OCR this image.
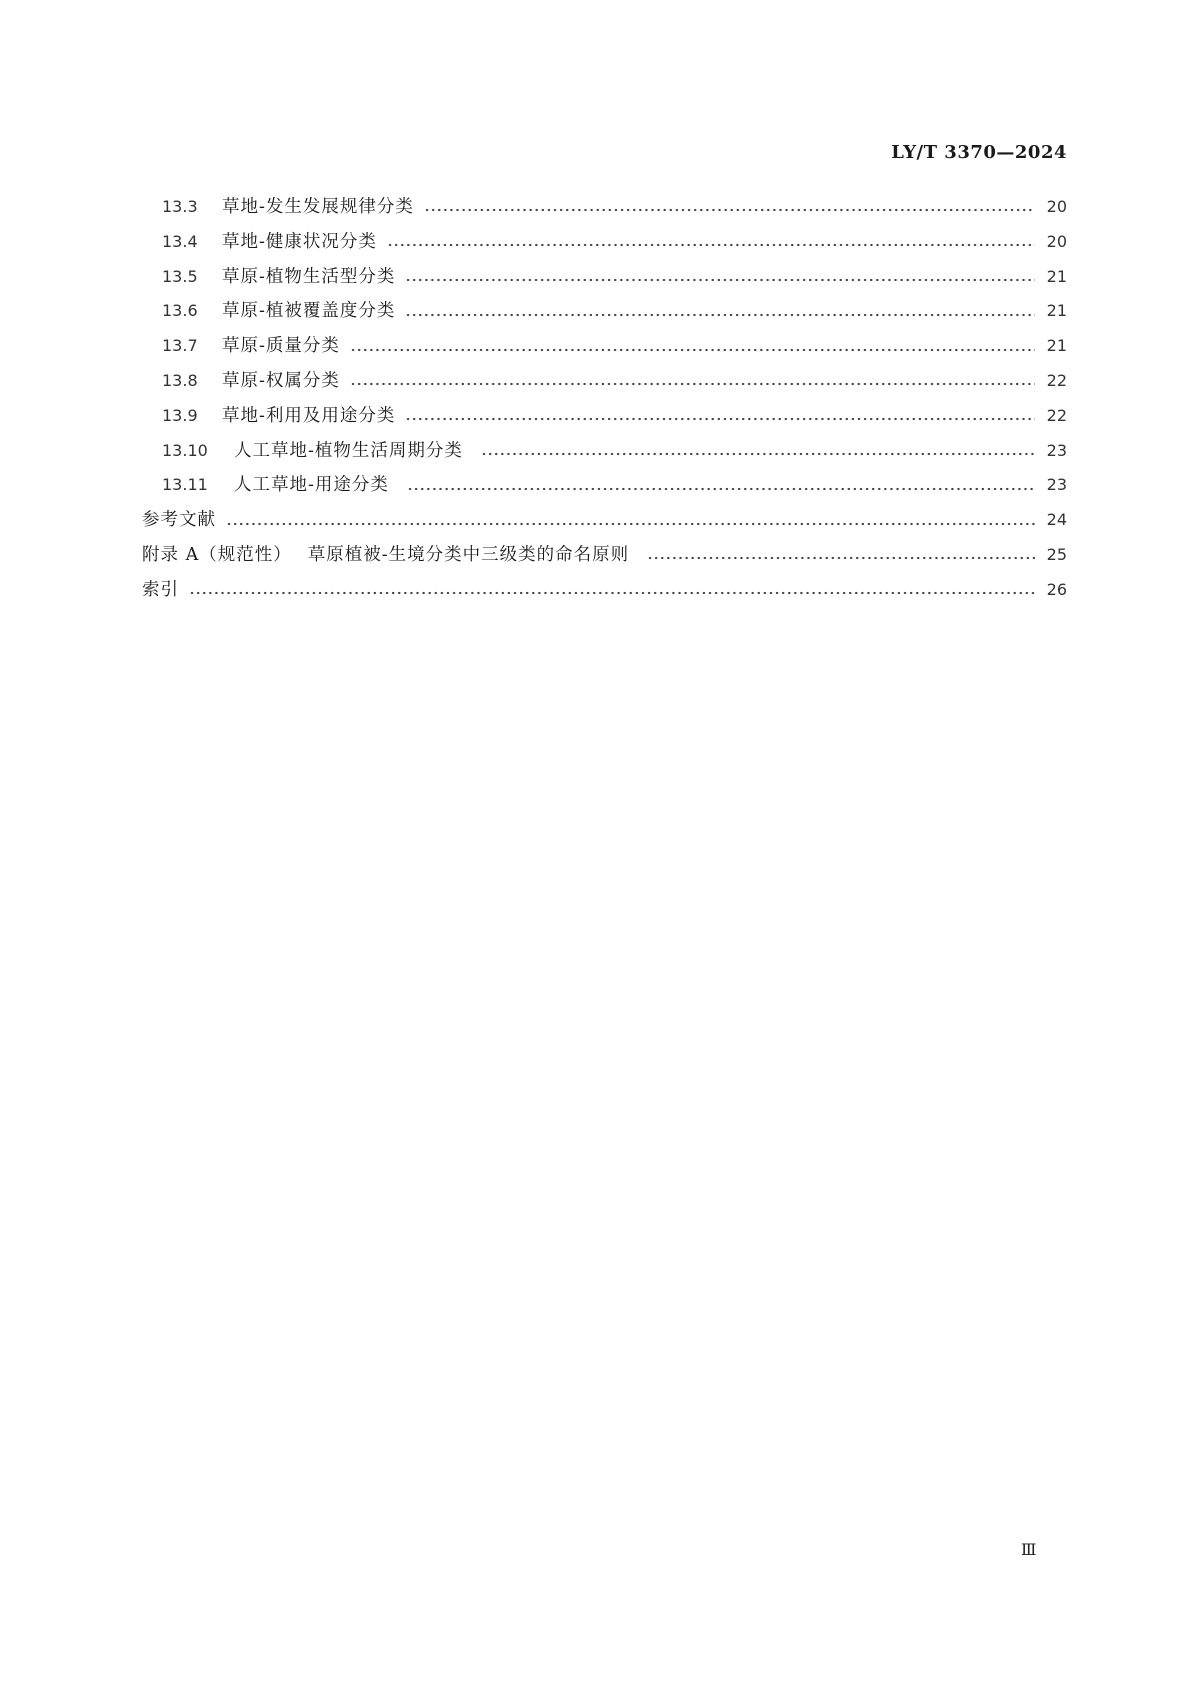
LY/T 3370—2024
13.3	草地-发生发展规律分类	20
13.4	草地-健康状况分类	20
13.5	草原-植物生活型分类	21
13.6	草原-植被覆盖度分类	21
13.7	草原-质量分类	21
13.8	草原-权属分类	22
13.9	草地-利用及用途分类	22
13.10	人工草地-植物生活周期分类	23
13.11	人工草地-用途分类	23
参考文献	24
附录 A（规范性） 草原植被-生境分类中三级类的命名原则	25
索引	26
Ⅲ
